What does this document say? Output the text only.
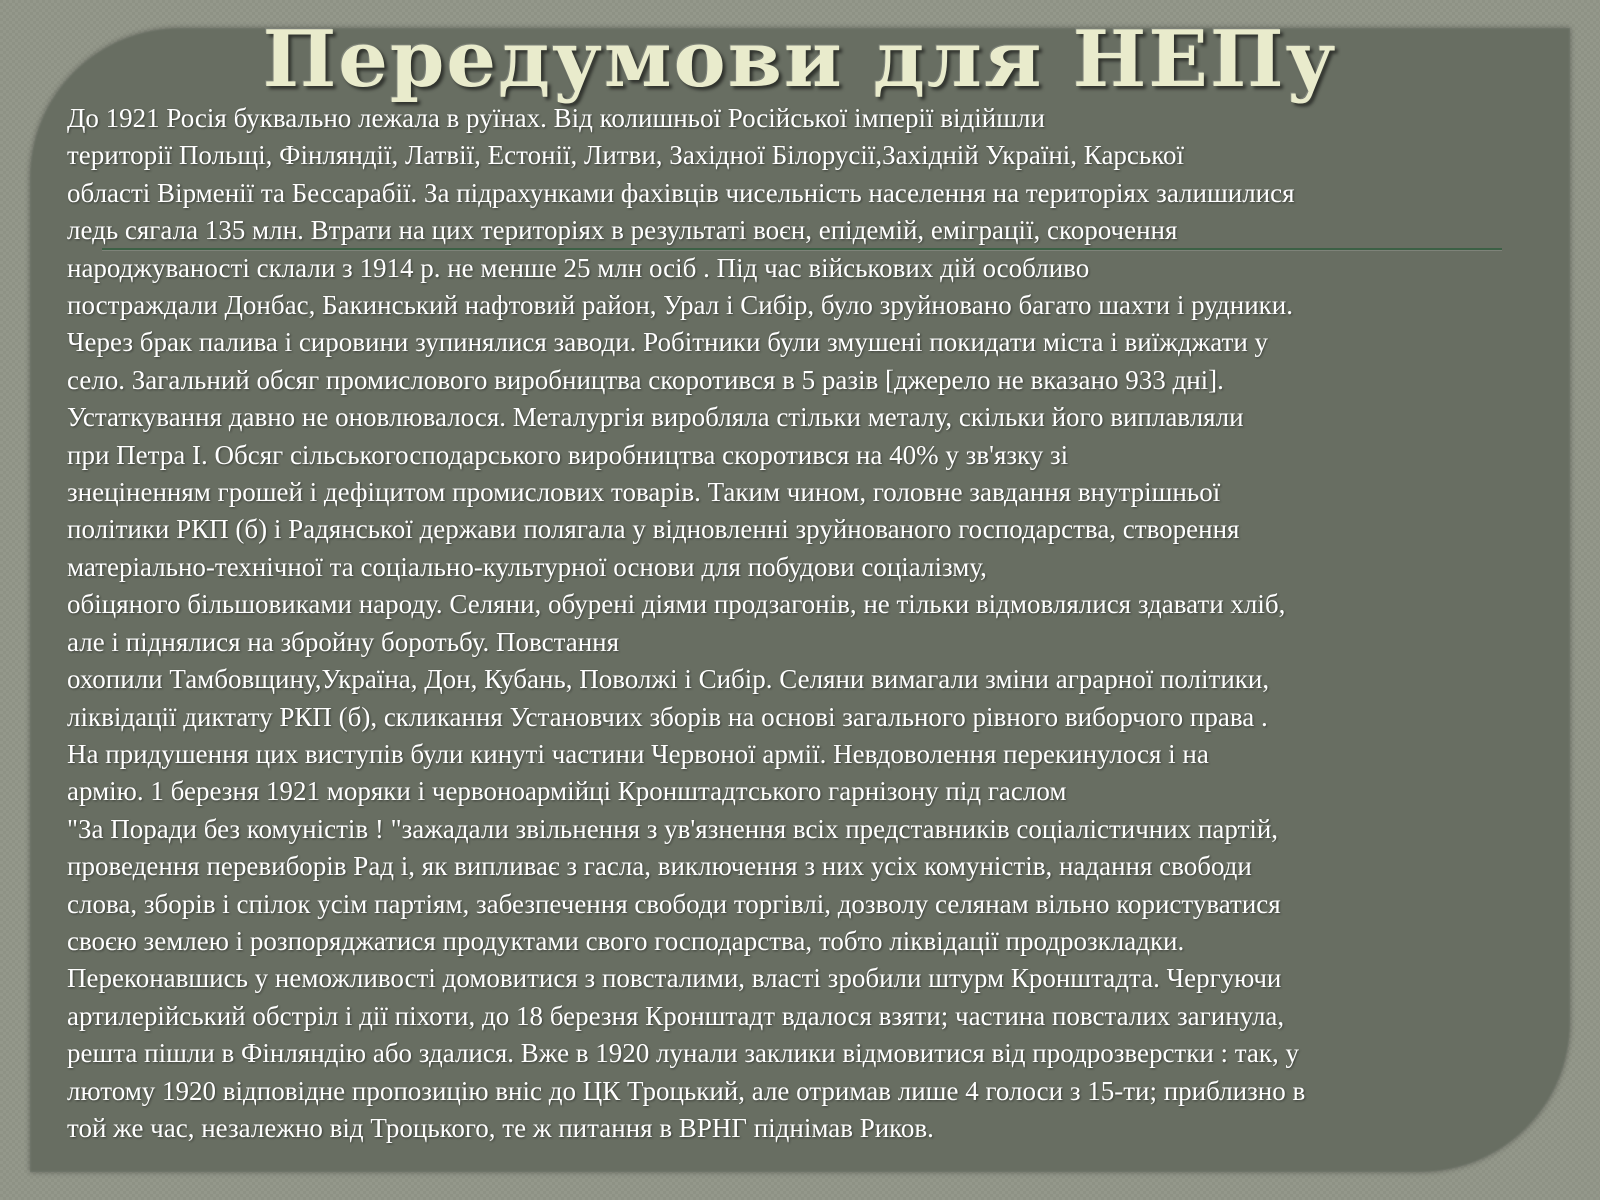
Передумови для НЕПу
До 1921 Росія буквально лежала в руїнах. Від колишньої Російської імперії відійшли
території Польщі, Фінляндії, Латвії, Естонії, Литви, Західної Білорусії,Західній Україні, Карської
області Вірменії та Бессарабії. За підрахунками фахівців чисельність населення на територіях залишилися
ледь сягала 135 млн. Втрати на цих територіях в результаті воєн, епідемій, еміграції, скорочення
народжуваності склали з 1914 р. не менше 25 млн осіб . Під час військових дій особливо
постраждали Донбас, Бакинський нафтовий район, Урал і Сибір, було зруйновано багато шахти і рудники.
Через брак палива і сировини зупинялися заводи. Робітники були змушені покидати міста і виїжджати у
село. Загальний обсяг промислового виробництва скоротився в 5 разів [джерело не вказано 933 дні].
Устаткування давно не оновлювалося. Металургія виробляла стільки металу, скільки його виплавляли
при Петра І. Обсяг сільськогосподарського виробництва скоротився на 40% у зв'язку зі
знеціненням грошей і дефіцитом промислових товарів. Таким чином, головне завдання внутрішньої
політики РКП (б) і Радянської держави полягала у відновленні зруйнованого господарства, створення
матеріально-технічної та соціально-культурної основи для побудови соціалізму,
обіцяного більшовиками народу. Селяни, обурені діями продзагонів, не тільки відмовлялися здавати хліб,
але і піднялися на збройну боротьбу. Повстання
охопили Тамбовщину,Україна, Дон, Кубань, Поволжі і Сибір. Селяни вимагали зміни аграрної політики,
ліквідації диктату РКП (б), скликання Установчих зборів на основі загального рівного виборчого права .
На придушення цих виступів були кинуті частини Червоної армії. Невдоволення перекинулося і на
армію. 1 березня 1921 моряки і червоноармійці Кронштадтського гарнізону під гаслом
"За Поради без комуністів ! "зажадали звільнення з ув'язнення всіх представників соціалістичних партій,
проведення перевиборів Рад і, як випливає з гасла, виключення з них усіх комуністів, надання свободи
слова, зборів і спілок усім партіям, забезпечення свободи торгівлі, дозволу селянам вільно користуватися
своєю землею і розпоряджатися продуктами свого господарства, тобто ліквідації продрозкладки.
Переконавшись у неможливості домовитися з повсталими, власті зробили штурм Кронштадта. Чергуючи
артилерійський обстріл і дії піхоти, до 18 березня Кронштадт вдалося взяти; частина повсталих загинула,
решта пішли в Фінляндію або здалися. Вже в 1920 лунали заклики відмовитися від продрозверстки : так, у
лютому 1920 відповідне пропозицію вніс до ЦК Троцький, але отримав лише 4 голоси з 15-ти; приблизно в
той же час, незалежно від Троцького, те ж питання в ВРНГ піднімав Риков.
